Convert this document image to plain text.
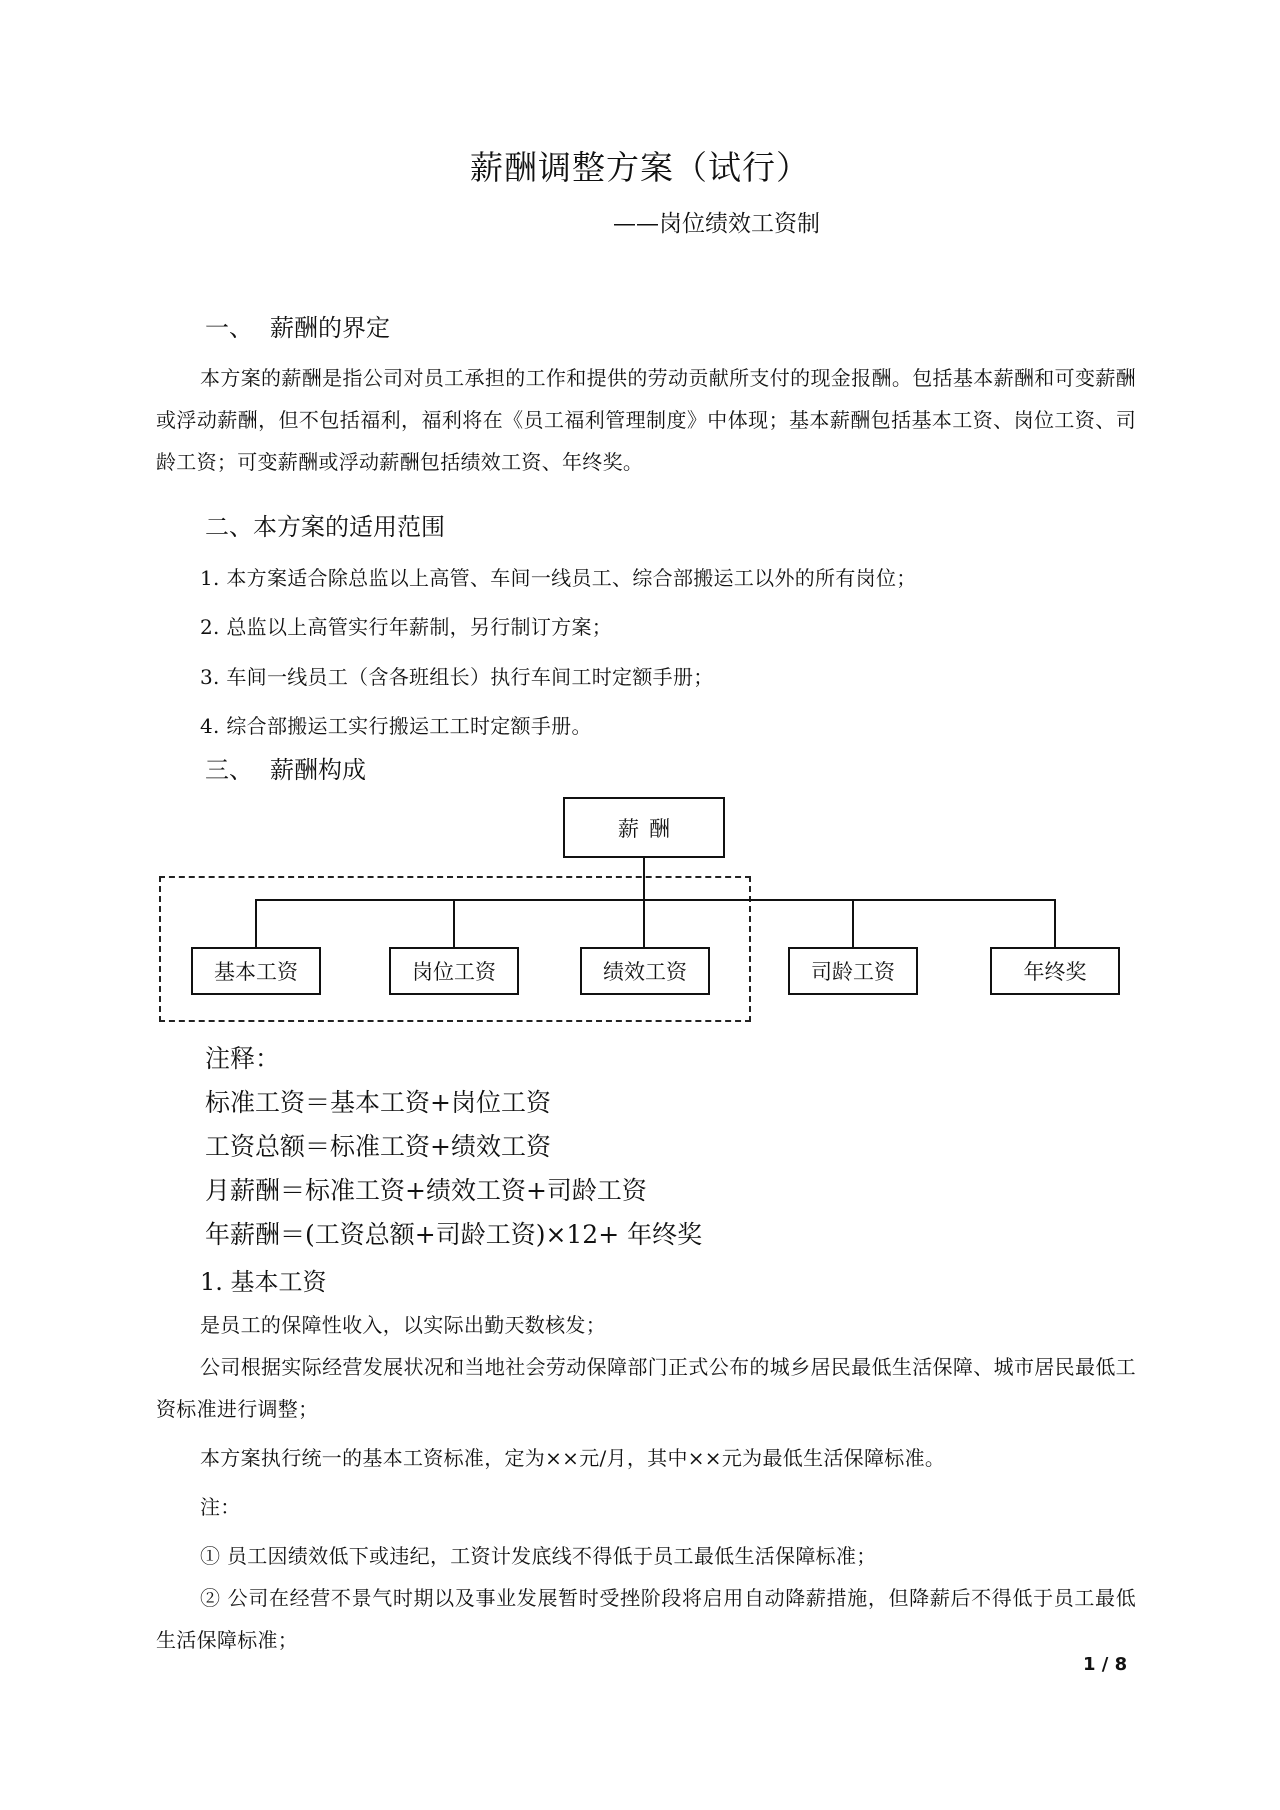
薪酬调整方案（试行）
——岗位绩效工资制
一、 薪酬的界定
本方案的薪酬是指公司对员工承担的工作和提供的劳动贡献所支付的现金报酬。包括基本薪酬和可变薪酬或浮动薪酬，但不包括福利，福利将在《员工福利管理制度》中体现；基本薪酬包括基本工资、岗位工资、司龄工资；可变薪酬或浮动薪酬包括绩效工资、年终奖。
二、本方案的适用范围
1. 本方案适合除总监以上高管、车间一线员工、综合部搬运工以外的所有岗位；
2. 总监以上高管实行年薪制，另行制订方案；
3. 车间一线员工（含各班组长）执行车间工时定额手册；
4. 综合部搬运工实行搬运工工时定额手册。
三、 薪酬构成
薪酬
基本工资	岗位工资	绩效工资	司龄工资	年终奖
注释：
标准工资＝基本工资+岗位工资
工资总额＝标准工资+绩效工资
月薪酬＝标准工资+绩效工资+司龄工资
年薪酬＝(工资总额+司龄工资)×12+ 年终奖
1. 基本工资
是员工的保障性收入，以实际出勤天数核发；
公司根据实际经营发展状况和当地社会劳动保障部门正式公布的城乡居民最低生活保障、城市居民最低工资标准进行调整；
本方案执行统一的基本工资标准，定为××元/月，其中××元为最低生活保障标准。
注：
① 员工因绩效低下或违纪，工资计发底线不得低于员工最低生活保障标准；
② 公司在经营不景气时期以及事业发展暂时受挫阶段将启用自动降薪措施，但降薪后不得低于员工最低生活保障标准；
1 / 8
